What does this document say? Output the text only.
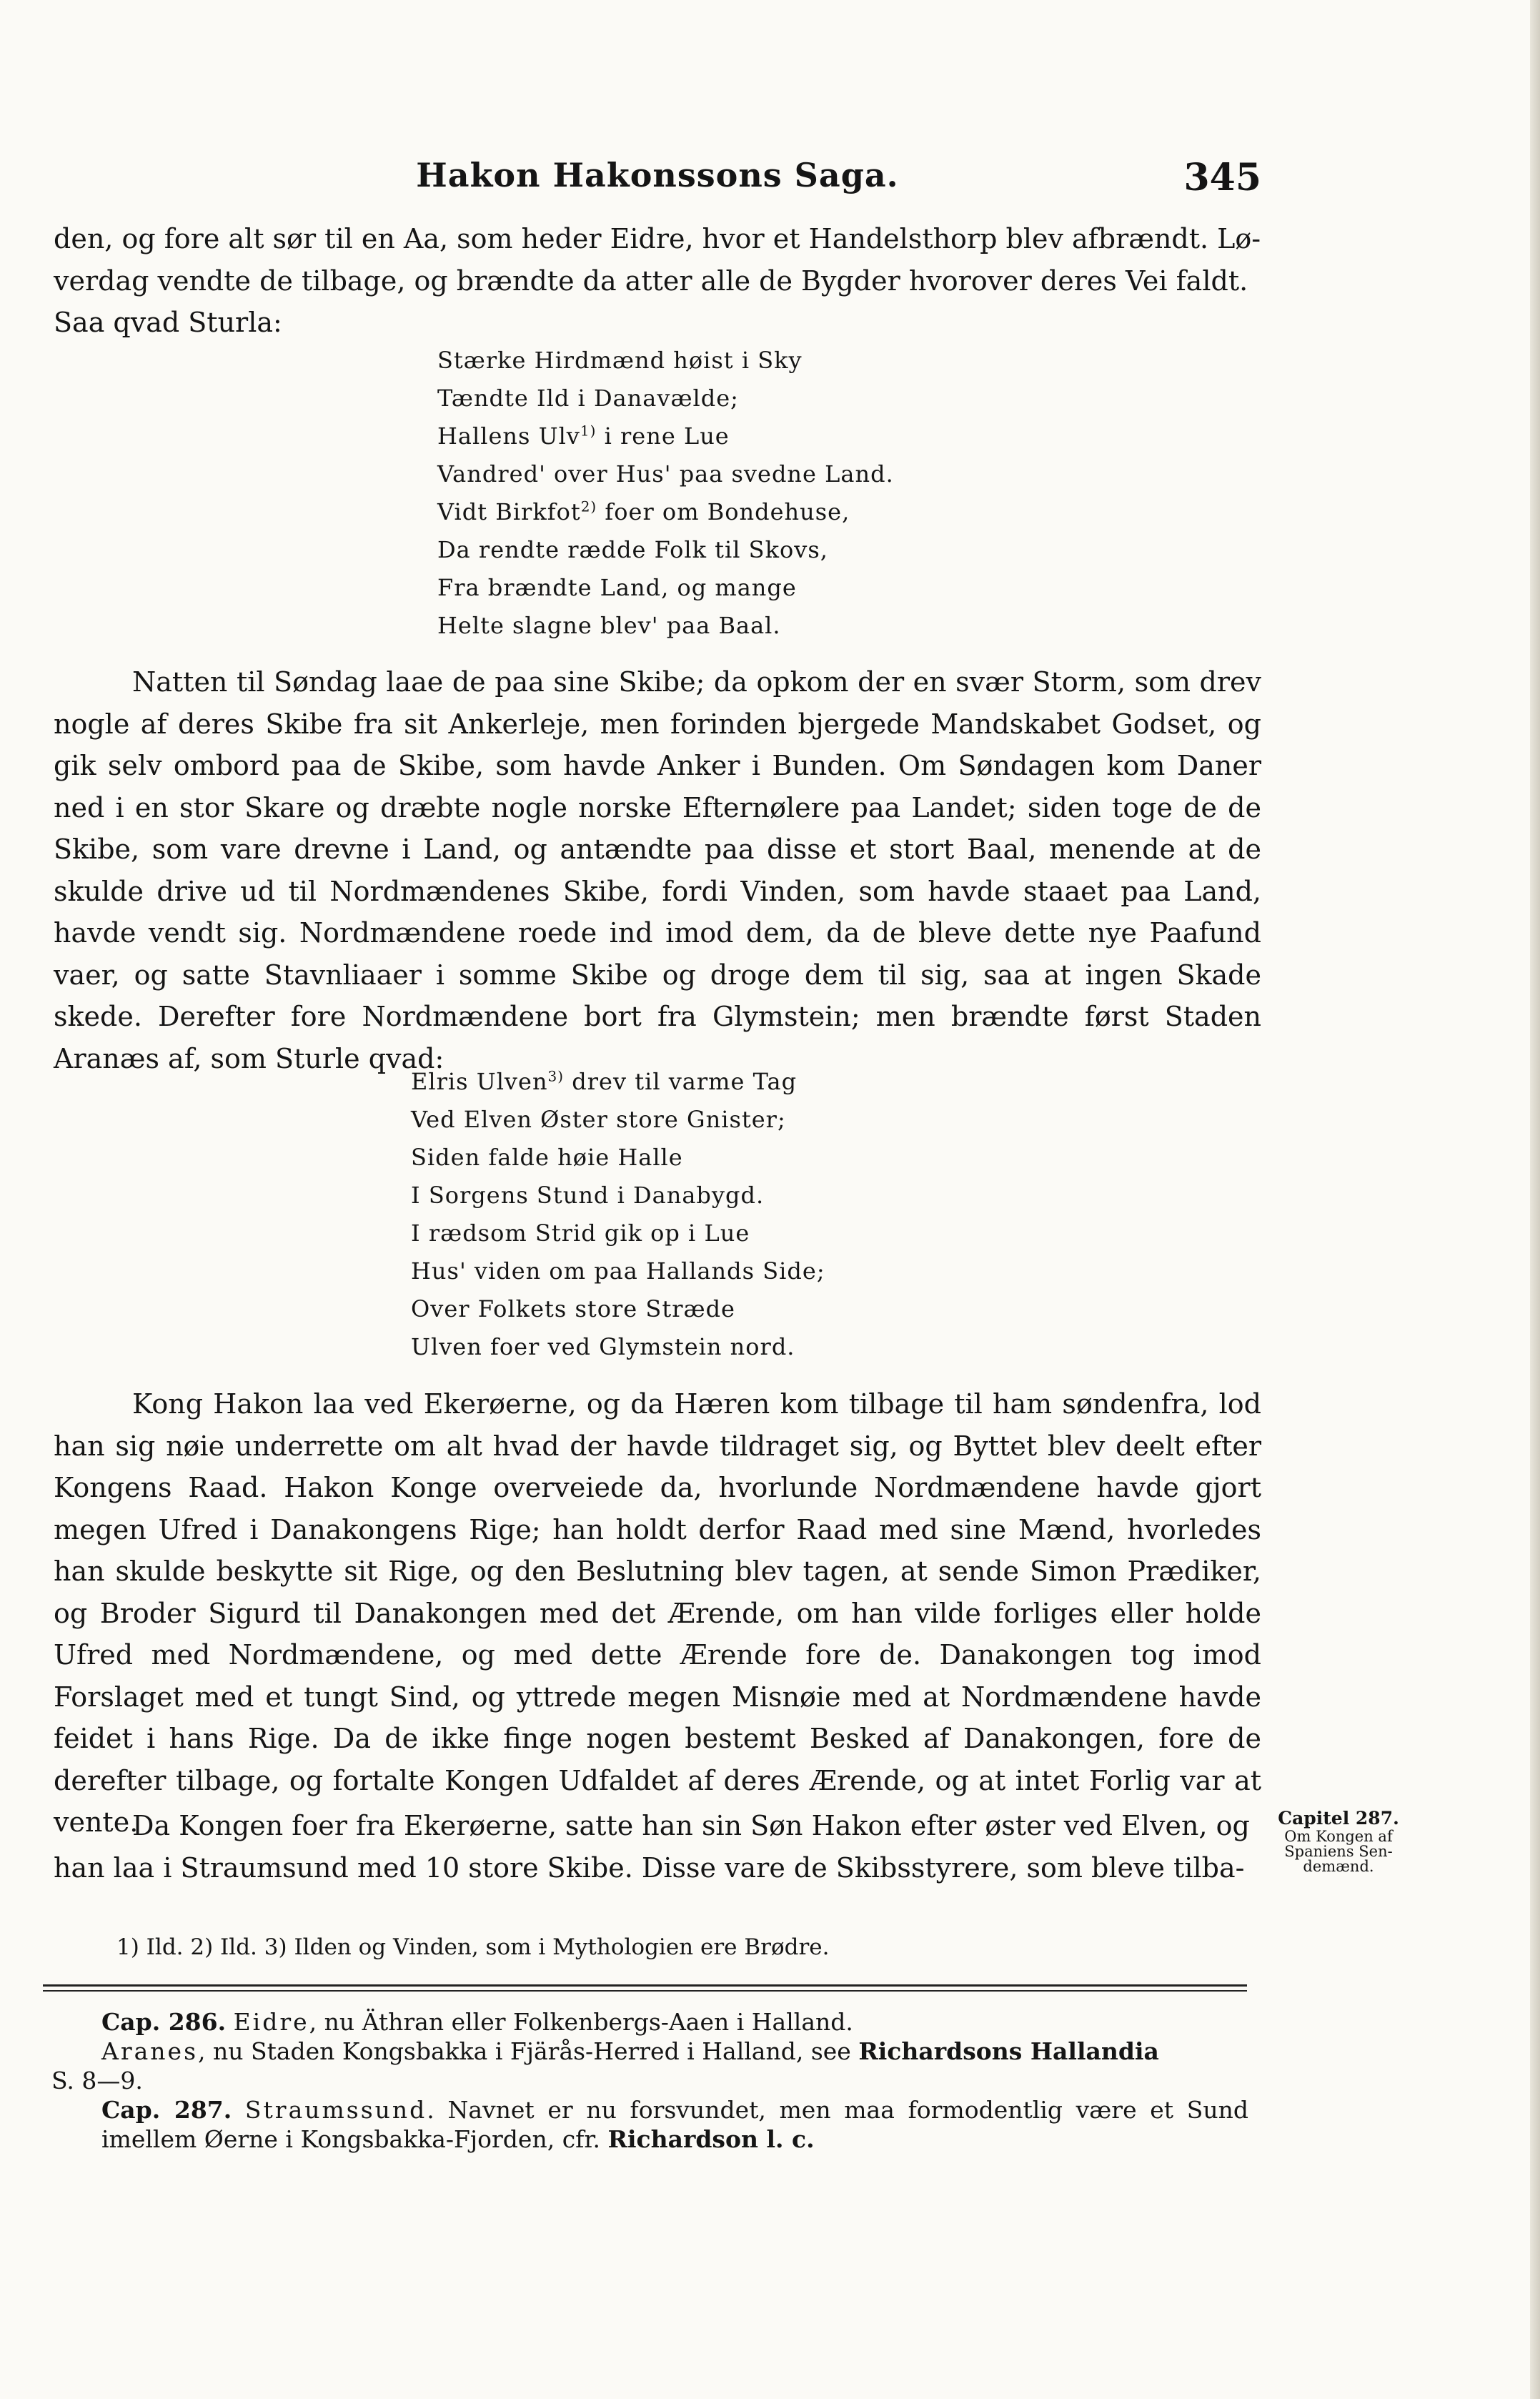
Hakon Hakonssons Saga.	345
den, og fore alt sør til en Aa, som heder Eidre, hvor et Handelsthorp blev afbrændt. Lø-
verdag vendte de tilbage, og brændte da atter alle de Bygder hvorover deres Vei faldt.
Saa qvad Sturla:
Stærke Hirdmænd høist i Sky
Tændte Ild i Danavælde;
Hallens Ulv$^{1)}$ i rene Lue
Vandred' over Hus' paa svedne Land.
Vidt Birkfot$^{2)}$ foer om Bondehuse,
Da rendte rædde Folk til Skovs,
Fra brændte Land, og mange
Helte slagne blev' paa Baal.

Natten til Søndag laae de paa sine Skibe; da opkom der en svær Storm, som drev nogle af deres Skibe fra sit Ankerleje, men forinden bjergede Mandskabet Godset, og gik selv ombord paa de Skibe, som havde Anker i Bunden. Om Søndagen kom Daner ned i en stor Skare og dræbte nogle norske Efternølere paa Landet; siden toge de de Skibe, som vare drevne i Land, og antændte paa disse et stort Baal, menende at de skulde drive ud til Nordmændenes Skibe, fordi Vinden, som havde staaet paa Land, havde vendt sig. Nordmændene roede ind imod dem, da de bleve dette nye Paafund vaer, og satte Stavnliaaer i somme Skibe og droge dem til sig, saa at ingen Skade skede. Derefter fore Nordmændene bort fra Glymstein; men brændte først Staden Aranæs af, som Sturle qvad:

Elris Ulven$^{3)}$ drev til varme Tag
Ved Elven Øster store Gnister;
Siden falde høie Halle
I Sorgens Stund i Danabygd.
I rædsom Strid gik op i Lue
Hus' viden om paa Hallands Side;
Over Folkets store Stræde
Ulven foer ved Glymstein nord.

Kong Hakon laa ved Ekerøerne, og da Hæren kom tilbage til ham søndenfra, lod han sig nøie underrette om alt hvad der havde tildraget sig, og Byttet blev deelt efter Kongens Raad. Hakon Konge overveiede da, hvorlunde Nordmændene havde gjort megen Ufred i Danakongens Rige; han holdt derfor Raad med sine Mænd, hvorledes han skulde beskytte sit Rige, og den Beslutning blev tagen, at sende Simon Prædiker, og Broder Sigurd til Danakongen med det Ærende, om han vilde forliges eller holde Ufred med Nordmændene, og med dette Ærende fore de. Danakongen tog imod Forslaget med et tungt Sind, og yttrede megen Misnøie med at Nordmændene havde feidet i hans Rige. Da de ikke finge nogen bestemt Besked af Danakongen, fore de derefter tilbage, og fortalte Kongen Udfaldet af deres Ærende, og at intet Forlig var at vente.

Da Kongen foer fra Ekerøerne, satte han sin Søn Hakon efter øster ved Elven, og
han laa i Straumsund med 10 store Skibe. Disse vare de Skibsstyrere, som bleve tilba-
Capitel 287.
Om Kongen af
Spaniens Sen-
demænd.
1) Ild. 2) Ild. 3) Ilden og Vinden, som i Mythologien ere Brødre.

Cap. 286. Eidre, nu Äthran eller Folkenbergs-Aaen i Halland.

Aranes, nu Staden Kongsbakka i Fjärås-Herred i Halland, see Richardsons Hallandia

S. 8—9.

Cap. 287. Straumssund. Navnet er nu forsvundet, men maa formodentlig være et Sund imellem Øerne i Kongsbakka-Fjorden, cfr. Richardson l. c.
